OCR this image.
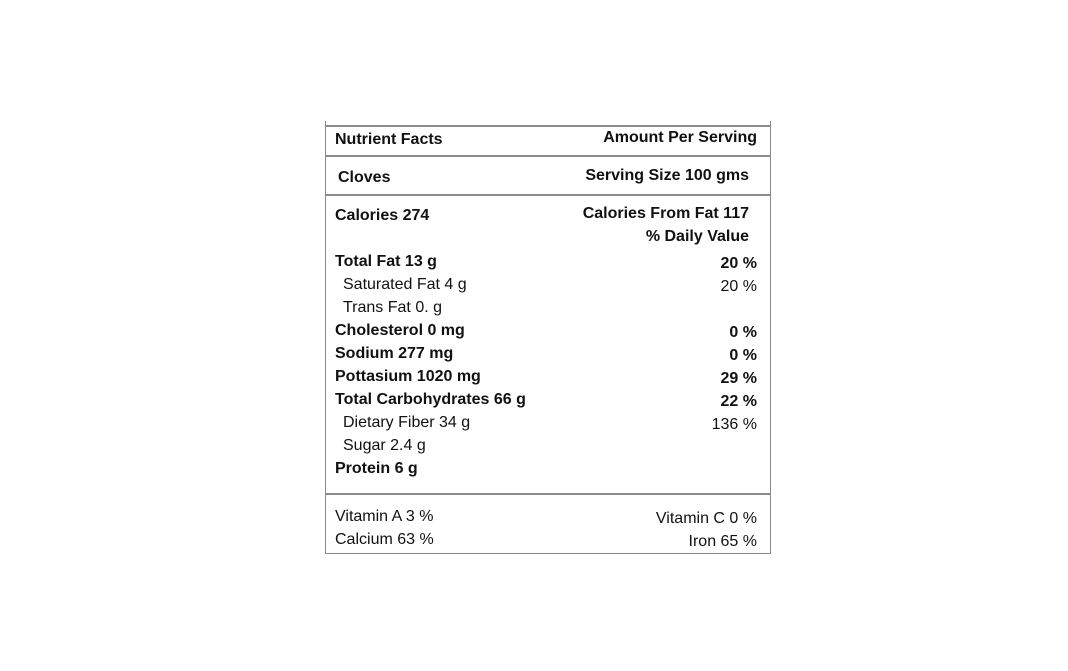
Nutrient Facts	Amount Per Serving
Cloves	Serving Size 100 gms
Calories 274	Calories From Fat 117
% Daily Value
Total Fat 13 g	20 %
Saturated Fat 4 g	20 %
Trans Fat 0. g
Cholesterol 0 mg	0 %
Sodium 277 mg	0 %
Pottasium 1020 mg	29 %
Total Carbohydrates 66 g	22 %
Dietary Fiber 34 g	136 %
Sugar 2.4 g
Protein 6 g
Vitamin A 3 %	Vitamin C 0 %
Calcium 63 %	Iron 65 %
